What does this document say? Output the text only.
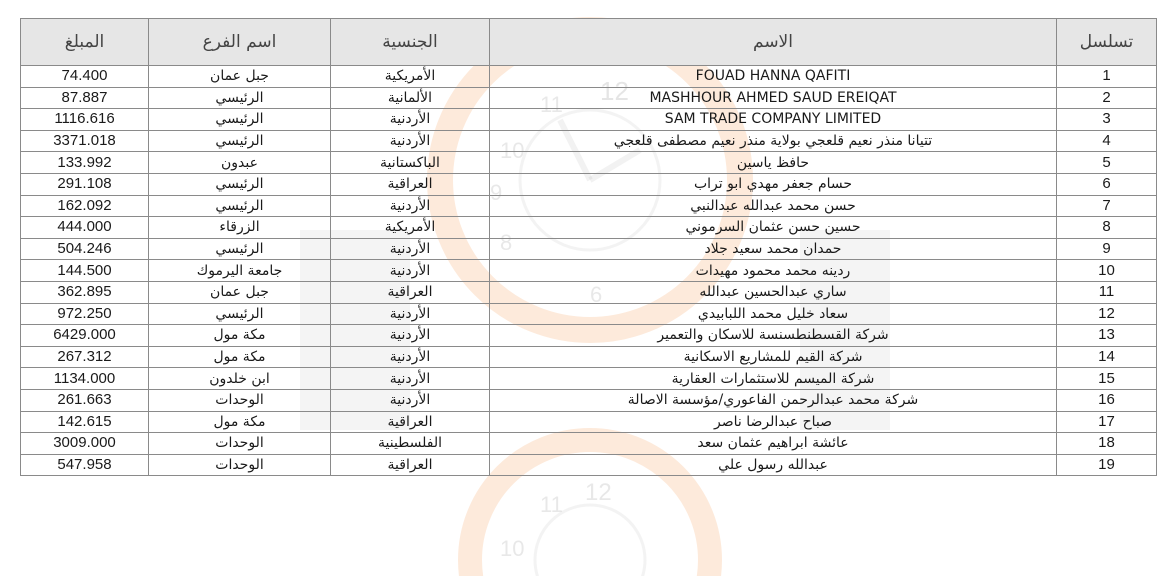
12
11
10
9
8
6
12
11
10
المبلغ	اسم الفرع	الجنسية	الاسم	تسلسل
74.400	جبل عمان	الأمريكية	FOUAD HANNA QAFITI	1
87.887	الرئيسي	الألمانية	MASHHOUR AHMED SAUD EREIQAT	2
1116.616	الرئيسي	الأردنية	SAM TRADE COMPANY LIMITED	3
3371.018	الرئيسي	الأردنية	تتيانا منذر نعيم قلعجي بولاية منذر نعيم مصطفى قلعجي	4
133.992	عبدون	الباكستانية	حافظ ياسين	5
291.108	الرئيسي	العراقية	حسام جعفر مهدي ابو تراب	6
162.092	الرئيسي	الأردنية	حسن محمد عبدالله عبدالنبي	7
444.000	الزرقاء	الأمريكية	حسين حسن عثمان السرموني	8
504.246	الرئيسي	الأردنية	حمدان محمد سعيد جلاد	9
144.500	جامعة اليرموك	الأردنية	ردينه محمد محمود مهيدات	10
362.895	جبل عمان	العراقية	ساري عبدالحسين عبدالله	11
972.250	الرئيسي	الأردنية	سعاد خليل محمد اللبابيدي	12
6429.000	مكة مول	الأردنية	شركة القسطنطسنسة للاسكان والتعمير	13
267.312	مكة مول	الأردنية	شركة القيم للمشاريع الاسكانية	14
1134.000	ابن خلدون	الأردنية	شركة الميسم للاستثمارات العقارية	15
261.663	الوحدات	الأردنية	شركة محمد عبدالرحمن الفاعوري/مؤسسة الاصالة	16
142.615	مكة مول	العراقية	صباح عبدالرضا ناصر	17
3009.000	الوحدات	الفلسطينية	عائشة ابراهيم عثمان سعد	18
547.958	الوحدات	العراقية	عبدالله رسول علي	19
